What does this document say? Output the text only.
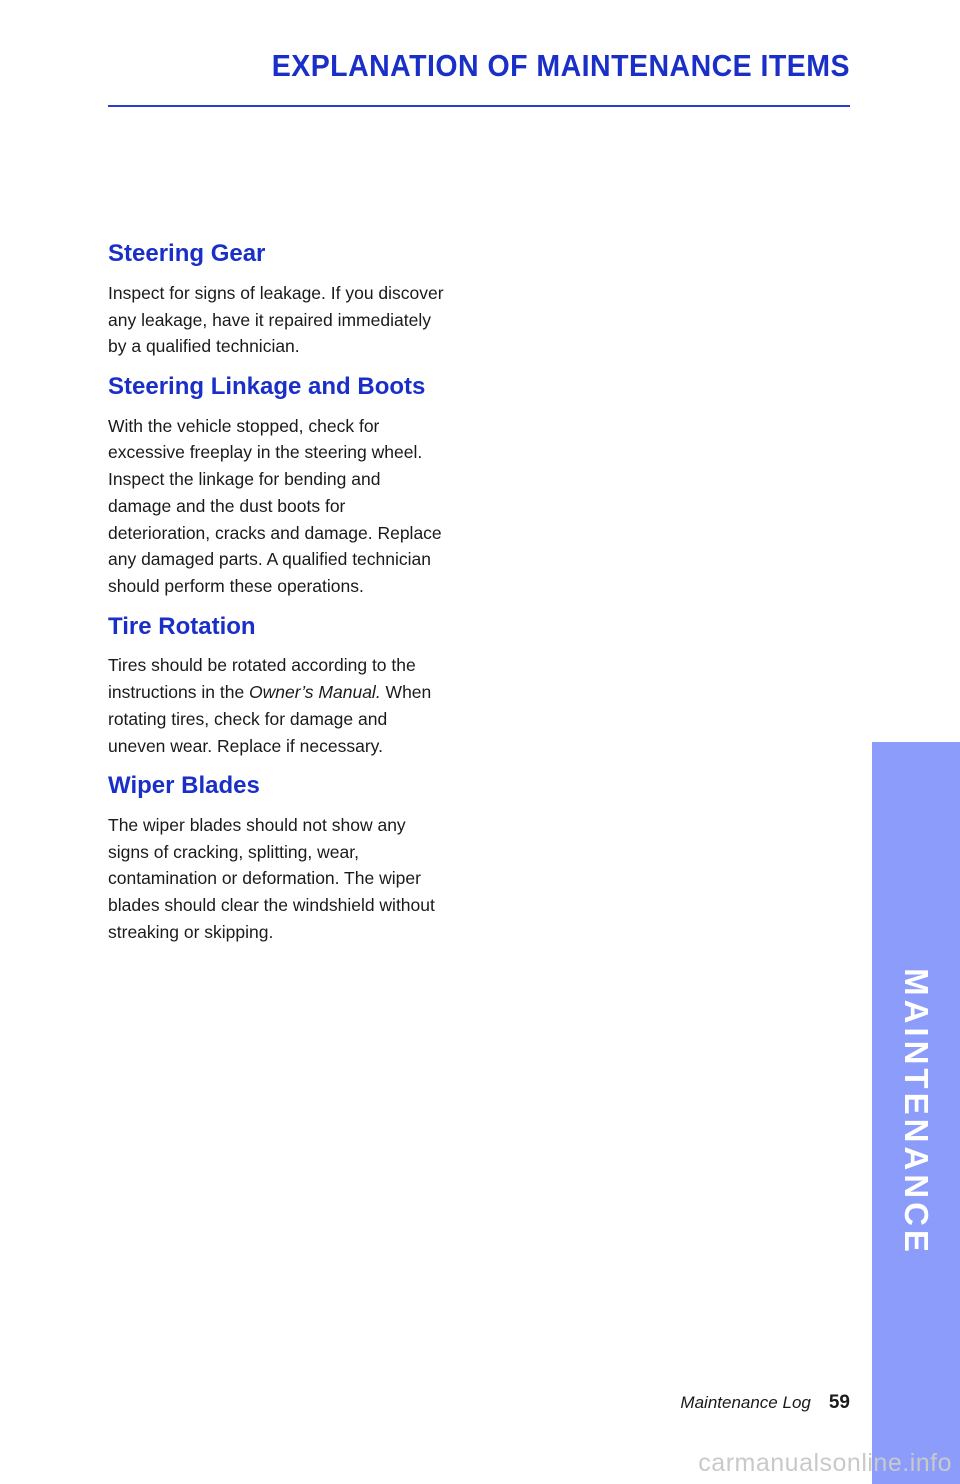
EXPLANATION OF MAINTENANCE ITEMS
Steering Gear

Inspect for signs of leakage. If you discover any leakage, have it repaired immediately by a qualified technician.

Steering Linkage and Boots

With the vehicle stopped, check for excessive freeplay in the steering wheel. Inspect the linkage for bending and damage and the dust boots for deterioration, cracks and damage. Replace any damaged parts. A qualified technician should perform these operations.

Tire Rotation

Tires should be rotated according to the instructions in the Owner’s Manual. When rotating tires, check for damage and uneven wear. Replace if necessary.

Wiper Blades

The wiper blades should not show any signs of cracking, splitting, wear, contamination or deformation. The wiper blades should clear the windshield without streaking or skipping.

MAINTENANCE
Maintenance Log 59
carmanualsonline.info
